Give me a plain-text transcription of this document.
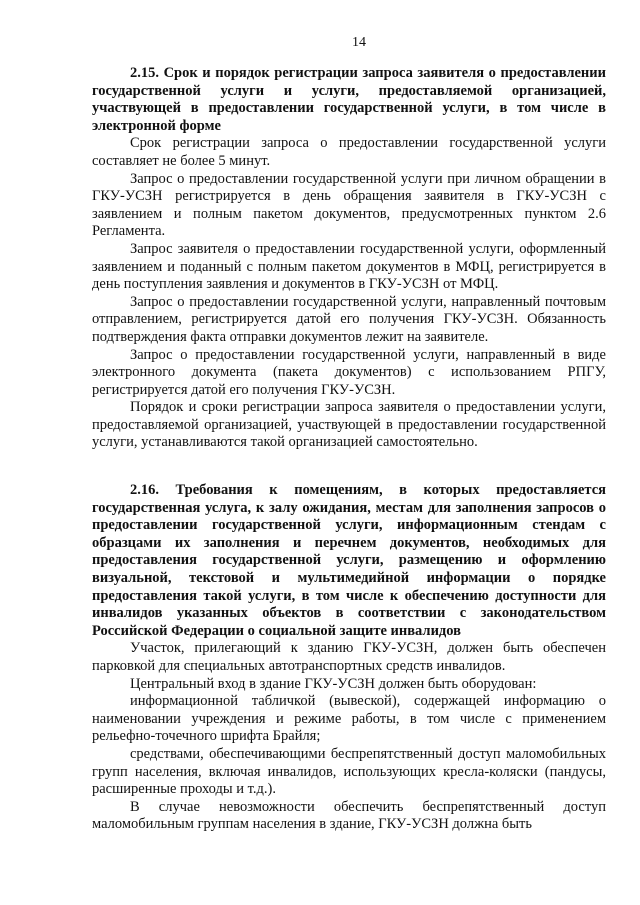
14

2.15. Срок и порядок регистрации запроса заявителя о предоставлении государственной услуги и услуги, предоставляемой организацией, участвующей в предоставлении государственной услуги, в том числе в электронной форме

Срок регистрации запроса о предоставлении государственной услуги составляет не более 5 минут.

Запрос о предоставлении государственной услуги при личном обращении в ГКУ-УСЗН регистрируется в день обращения заявителя в ГКУ-УСЗН с заявлением и полным пакетом документов, предусмотренных пунктом 2.6 Регламента.

Запрос заявителя о предоставлении государственной услуги, оформленный заявлением и поданный с полным пакетом документов в МФЦ, регистрируется в день поступления заявления и документов в ГКУ-УСЗН от МФЦ.

Запрос о предоставлении государственной услуги, направленный почтовым отправлением, регистрируется датой его получения ГКУ-УСЗН. Обязанность подтверждения факта отправки документов лежит на заявителе.

Запрос о предоставлении государственной услуги, направленный в виде электронного документа (пакета документов) с использованием РПГУ, регистрируется датой его получения ГКУ-УСЗН.

Порядок и сроки регистрации запроса заявителя о предоставлении услуги, предоставляемой организацией, участвующей в предоставлении государственной услуги, устанавливаются такой организацией самостоятельно.

2.16. Требования к помещениям, в которых предоставляется государственная услуга, к залу ожидания, местам для заполнения запросов о предоставлении государственной услуги, информационным стендам с образцами их заполнения и перечнем документов, необходимых для предоставления государственной услуги, размещению и оформлению визуальной, текстовой и мультимедийной информации о порядке предоставления такой услуги, в том числе к обеспечению доступности для инвалидов указанных объектов в соответствии с законодательством Российской Федерации о социальной защите инвалидов

Участок, прилегающий к зданию ГКУ-УСЗН, должен быть обеспечен парковкой для специальных автотранспортных средств инвалидов.

Центральный вход в здание ГКУ-УСЗН должен быть оборудован:

информационной табличкой (вывеской), содержащей информацию о наименовании учреждения и режиме работы, в том числе с применением рельефно-точечного шрифта Брайля;

средствами, обеспечивающими беспрепятственный доступ маломобильных групп населения, включая инвалидов, использующих кресла-коляски (пандусы, расширенные проходы и т.д.).

В случае невозможности обеспечить беспрепятственный доступ маломобильным группам населения в здание, ГКУ-УСЗН должна быть
